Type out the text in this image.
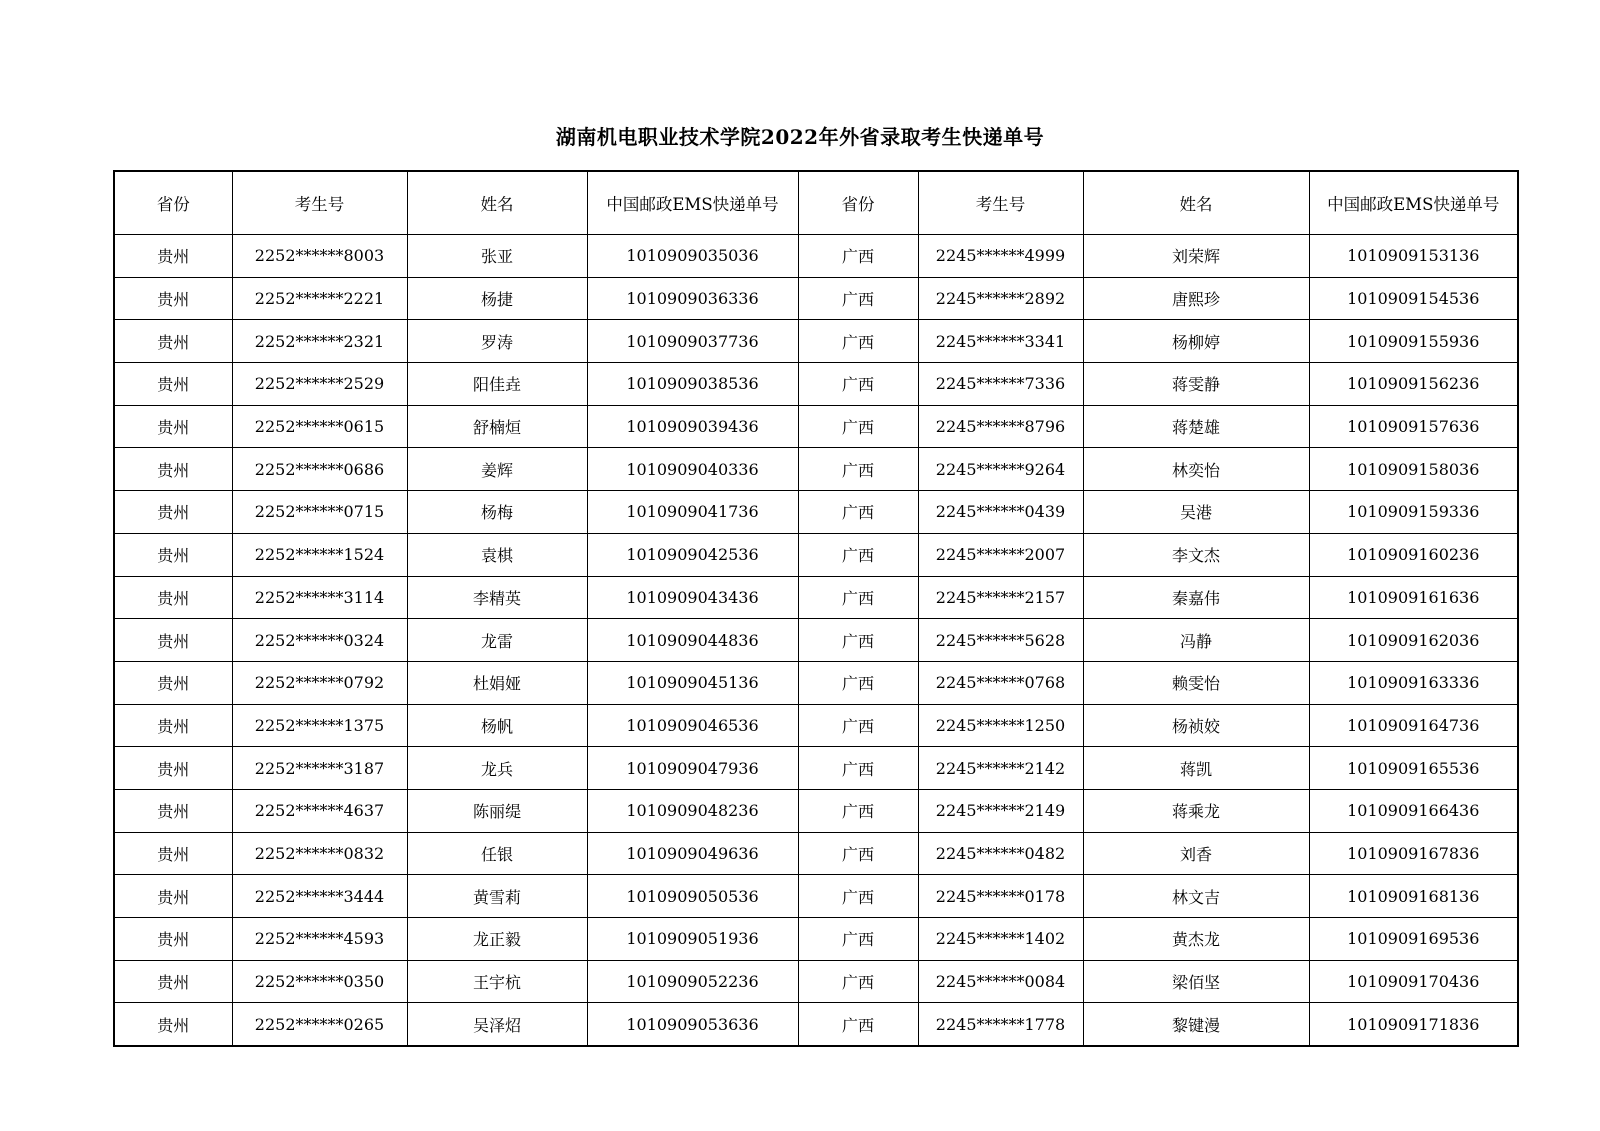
湖南机电职业技术学院2022年外省录取考生快递单号
省份	考生号	姓名	中国邮政EMS快递单号	省份	考生号	姓名	中国邮政EMS快递单号
贵州	2252******8003	张亚	1010909035036	广西	2245******4999	刘荣辉	1010909153136
贵州	2252******2221	杨捷	1010909036336	广西	2245******2892	唐熙珍	1010909154536
贵州	2252******2321	罗涛	1010909037736	广西	2245******3341	杨柳婷	1010909155936
贵州	2252******2529	阳佳垚	1010909038536	广西	2245******7336	蒋雯静	1010909156236
贵州	2252******0615	舒楠烜	1010909039436	广西	2245******8796	蒋楚雄	1010909157636
贵州	2252******0686	姜辉	1010909040336	广西	2245******9264	林奕怡	1010909158036
贵州	2252******0715	杨梅	1010909041736	广西	2245******0439	吴港	1010909159336
贵州	2252******1524	袁棋	1010909042536	广西	2245******2007	李文杰	1010909160236
贵州	2252******3114	李精英	1010909043436	广西	2245******2157	秦嘉伟	1010909161636
贵州	2252******0324	龙雷	1010909044836	广西	2245******5628	冯静	1010909162036
贵州	2252******0792	杜娟娅	1010909045136	广西	2245******0768	赖雯怡	1010909163336
贵州	2252******1375	杨帆	1010909046536	广西	2245******1250	杨祯姣	1010909164736
贵州	2252******3187	龙兵	1010909047936	广西	2245******2142	蒋凯	1010909165536
贵州	2252******4637	陈丽缇	1010909048236	广西	2245******2149	蒋乘龙	1010909166436
贵州	2252******0832	任银	1010909049636	广西	2245******0482	刘香	1010909167836
贵州	2252******3444	黄雪莉	1010909050536	广西	2245******0178	林文吉	1010909168136
贵州	2252******4593	龙正毅	1010909051936	广西	2245******1402	黄杰龙	1010909169536
贵州	2252******0350	王宇杭	1010909052236	广西	2245******0084	梁佰坚	1010909170436
贵州	2252******0265	吴泽炤	1010909053636	广西	2245******1778	黎键漫	1010909171836
